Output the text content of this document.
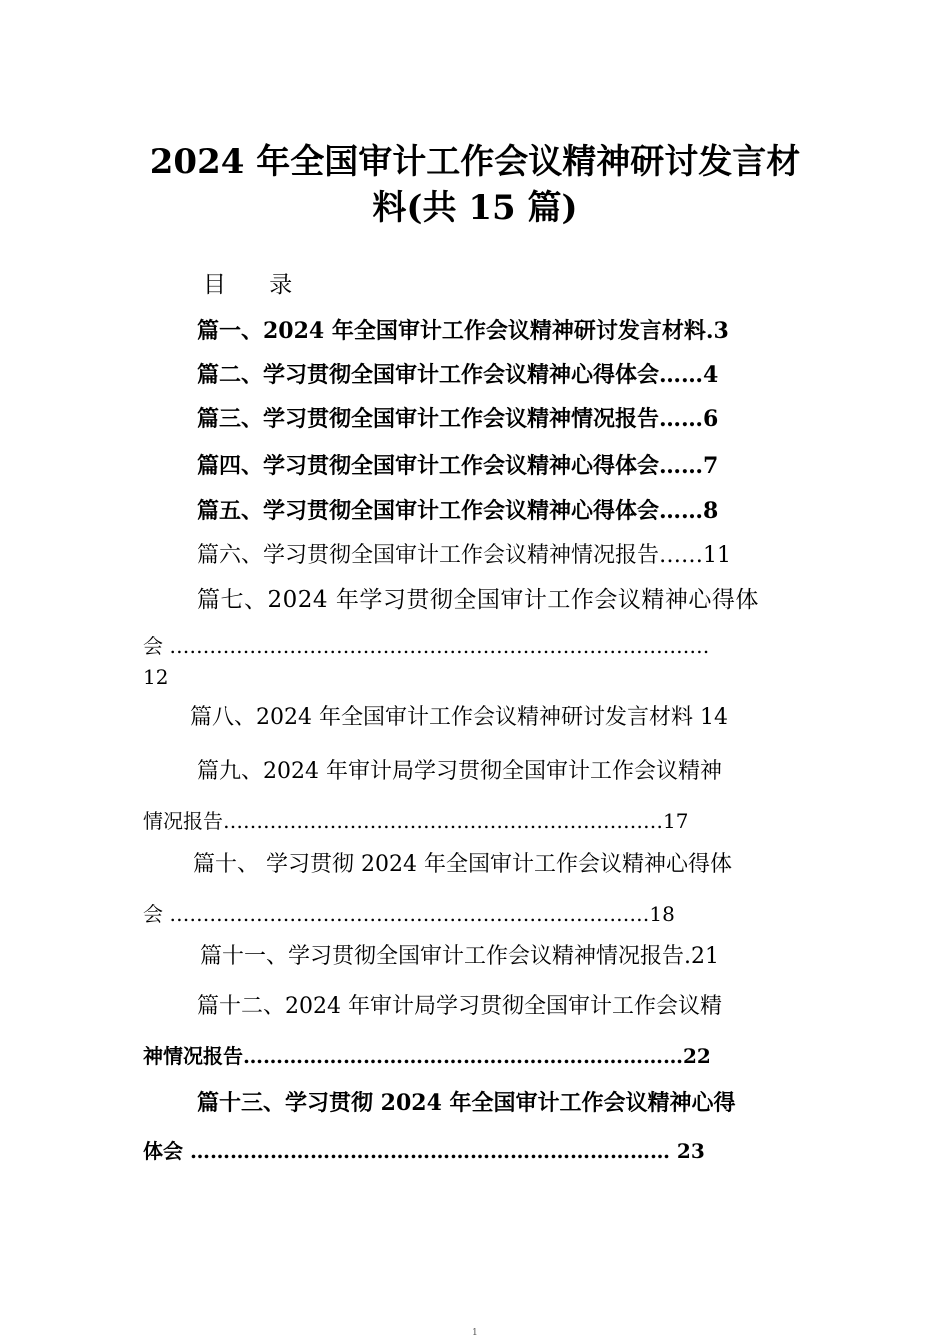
2024 年全国审计工作会议精神研讨发言材
料(共 15 篇)
目 录
篇一、2024 年全国审计工作会议精神研讨发言材料.3
篇二、学习贯彻全国审计工作会议精神心得体会……4
篇三、学习贯彻全国审计工作会议精神情况报告……6
篇四、学习贯彻全国审计工作会议精神心得体会……7
篇五、学习贯彻全国审计工作会议精神心得体会……8
篇六、学习贯彻全国审计工作会议精神情况报告……11
篇七、2024 年学习贯彻全国审计工作会议精神心得体
会 ………………………………………………………………………
12
篇八、2024 年全国审计工作会议精神研讨发言材料 14
篇九、2024 年审计局学习贯彻全国审计工作会议精神
情况报告…………………………………………………………17
篇十、 学习贯彻 2024 年全国审计工作会议精神心得体
会 ………………………………………………………………18
篇十一、学习贯彻全国审计工作会议精神情况报告.21
篇十二、2024 年审计局学习贯彻全国审计工作会议精
神情况报告…………………………………………………………22
篇十三、学习贯彻 2024 年全国审计工作会议精神心得
体会 ……………………………………………………………… 23
1
